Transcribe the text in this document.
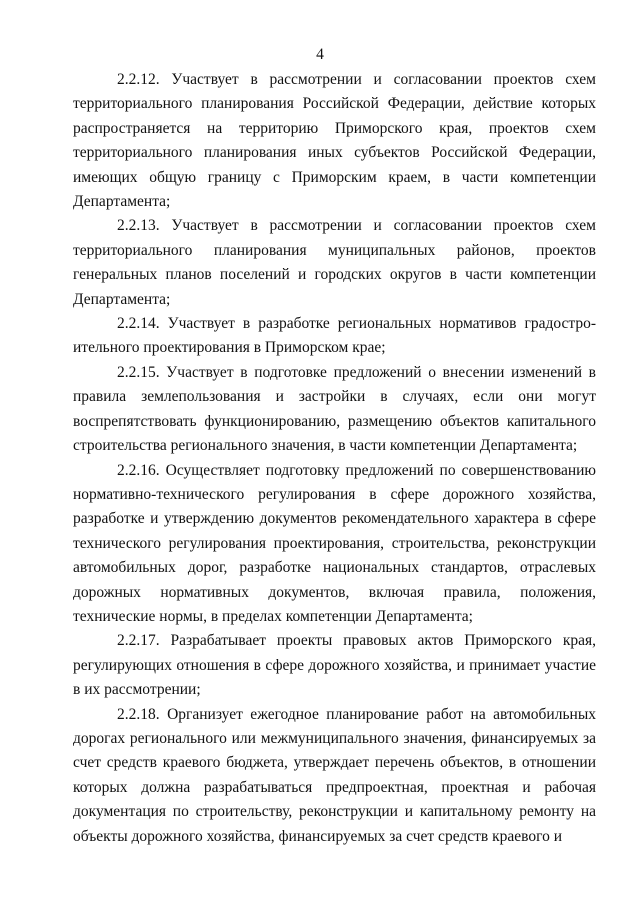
4

2.2.12. Участвует в рассмотрении и согласовании проектов схем территориального планирования Российской Федерации, действие которых распространяется на территорию Приморского края, проектов схем территориального планирования иных субъектов Российской Федерации, имеющих общую границу с Приморским краем, в части компетенции Департамента;

2.2.13. Участвует в рассмотрении и согласовании проектов схем территориального планирования муниципальных районов, проектов генеральных планов поселений и городских округов в части компетенции Департамента;

2.2.14. Участвует в разработке региональных нормативов градостро-ительного проектирования в Приморском крае;

2.2.15. Участвует в подготовке предложений о внесении изменений в правила землепользования и застройки в случаях, если они могут воспрепятствовать функционированию, размещению объектов капитального строительства регионального значения, в части компетенции Департамента;

2.2.16. Осуществляет подготовку предложений по совершенствованию нормативно-технического регулирования в сфере дорожного хозяйства, разработке и утверждению документов рекомендательного характера в сфере технического регулирования проектирования, строительства, реконструкции автомобильных дорог, разработке национальных стандартов, отраслевых дорожных нормативных документов, включая правила, положения, технические нормы, в пределах компетенции Департамента;

2.2.17. Разрабатывает проекты правовых актов Приморского края, регулирующих отношения в сфере дорожного хозяйства, и принимает участие в их рассмотрении;

2.2.18. Организует ежегодное планирование работ на автомобильных дорогах регионального или межмуниципального значения, финансируемых за счет средств краевого бюджета, утверждает перечень объектов, в отношении которых должна разрабатываться предпроектная, проектная и рабочая документация по строительству, реконструкции и капитальному ремонту на объекты дорожного хозяйства, финансируемых за счет средств краевого и
